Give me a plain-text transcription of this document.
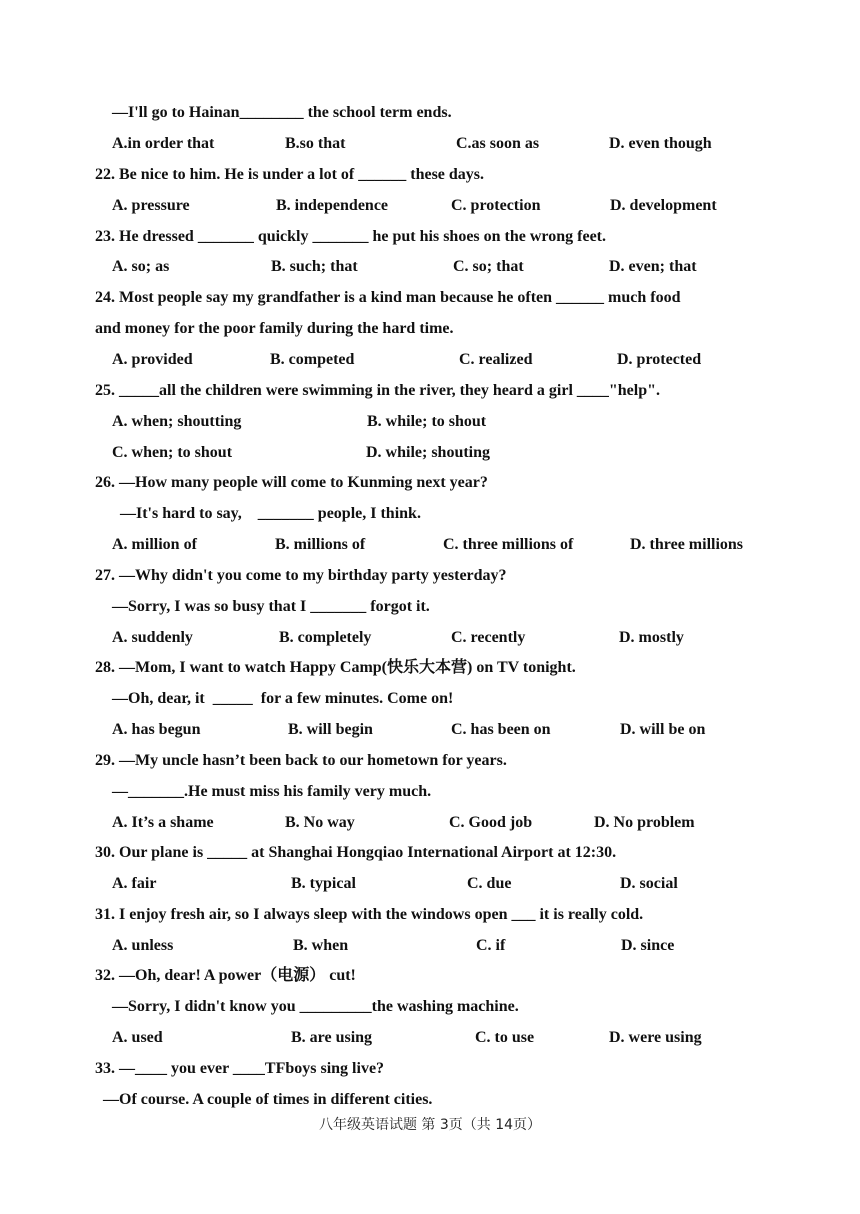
—I'll go to Hainan________ the school term ends.
A.in order that	B.so that	C.as soon as	D. even though
22. Be nice to him. He is under a lot of ______ these days.
A. pressure	B. independence	C. protection	D. development
23. He dressed _______ quickly _______ he put his shoes on the wrong feet.
A. so; as	B. such; that	C. so; that	D. even; that
24. Most people say my grandfather is a kind man because he often ______ much food
and money for the poor family during the hard time.
A. provided	B. competed	C. realized	D. protected
25. _____all the children were swimming in the river, they heard a girl ____"help".
A. when; shoutting	B. while; to shout
C. when; to shout	D. while; shouting
26. —How many people will come to Kunming next year?
—It's hard to say,    _______ people, I think.
A. million of	B. millions of	C. three millions of	D. three millions
27. —Why didn't you come to my birthday party yesterday?
—Sorry, I was so busy that I _______ forgot it.
A. suddenly	B. completely	C. recently	D. mostly
28. —Mom, I want to watch Happy Camp(快乐大本营) on TV tonight.
—Oh, dear, it  _____  for a few minutes. Come on!
A. has begun	B. will begin	C. has been on	D. will be on
29. —My uncle hasn’t been back to our hometown for years.
—_______.He must miss his family very much.
A. It’s a shame	B. No way	C. Good job	D. No problem
30. Our plane is _____ at Shanghai Hongqiao International Airport at 12:30.
A. fair	B. typical	C. due	D. social
31. I enjoy fresh air, so I always sleep with the windows open ___ it is really cold.
A. unless	B. when	C. if	D. since
32. —Oh, dear! A power（电源） cut!
—Sorry, I didn't know you _________the washing machine.
A. used	B. are using	C. to use	D. were using
33. —____ you ever ____TFboys sing live?
—Of course. A couple of times in different cities.
八年级英语试题 第 3页（共 14页）
